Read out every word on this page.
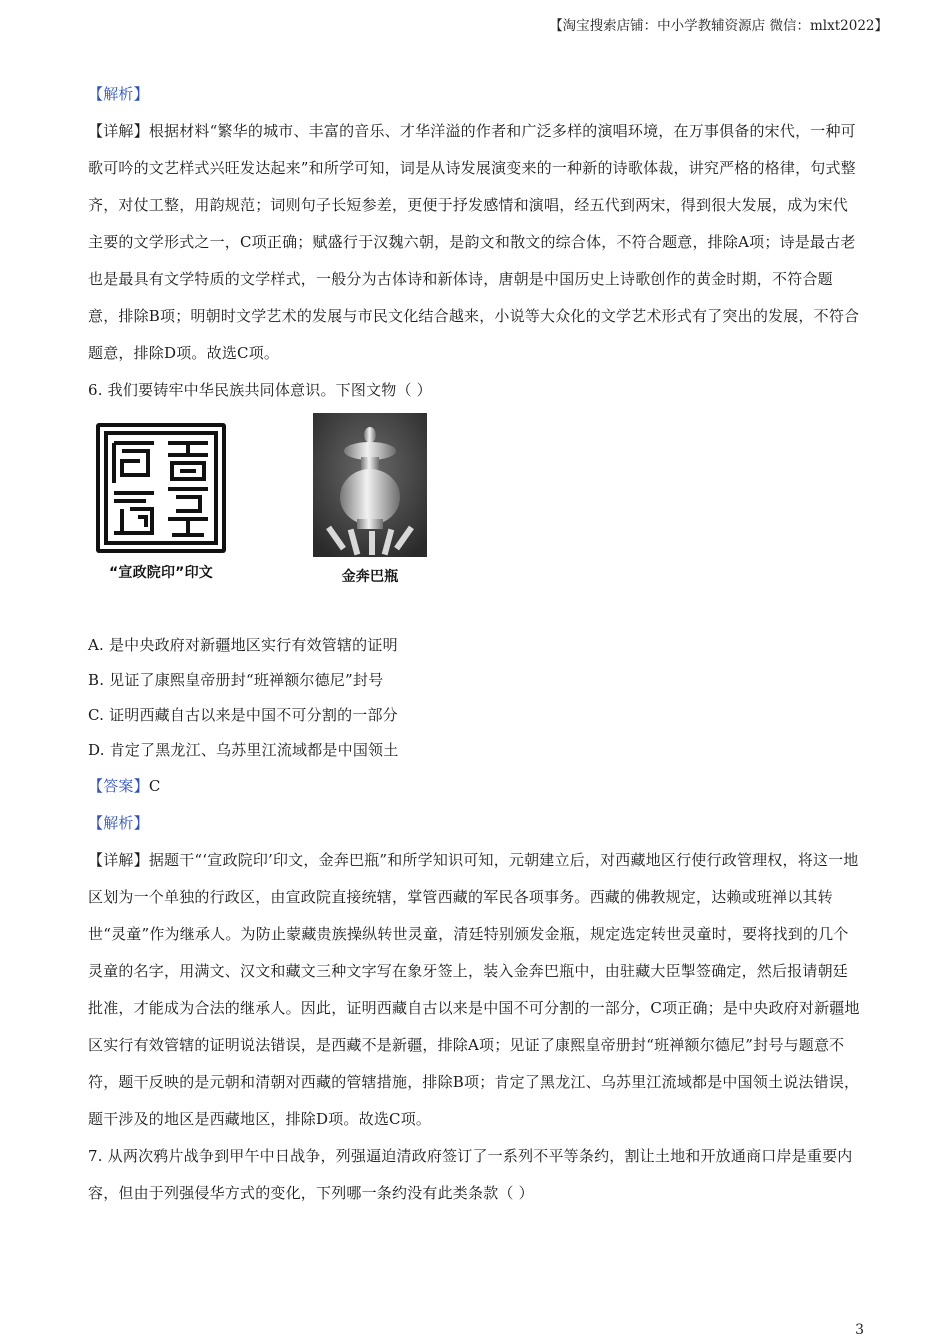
【淘宝搜索店铺：中小学教辅资源店 微信：mlxt2022】

【解析】

【详解】根据材料“繁华的城市、丰富的音乐、才华洋溢的作者和广泛多样的演唱环境，在万事俱备的宋代，一种可歌可吟的文艺样式兴旺发达起来”和所学可知，词是从诗发展演变来的一种新的诗歌体裁，讲究严格的格律，句式整齐，对仗工整，用韵规范；词则句子长短参差，更便于抒发感情和演唱，经五代到两宋，得到很大发展，成为宋代主要的文学形式之一，C项正确；赋盛行于汉魏六朝，是韵文和散文的综合体，不符合题意，排除A项；诗是最古老也是最具有文学特质的文学样式，一般分为古体诗和新体诗，唐朝是中国历史上诗歌创作的黄金时期，不符合题意，排除B项；明朝时文学艺术的发展与市民文化结合越来，小说等大众化的文学艺术形式有了突出的发展，不符合题意，排除D项。故选C项。

6. 我们要铸牢中华民族共同体意识。下图文物（ ）

“宣政院印”印文	金奔巴瓶

A. 是中央政府对新疆地区实行有效管辖的证明

B. 见证了康熙皇帝册封“班禅额尔德尼”封号

C. 证明西藏自古以来是中国不可分割的一部分

D. 肯定了黑龙江、乌苏里江流域都是中国领土

【答案】C

【解析】

【详解】据题干“‘宣政院印’印文，金奔巴瓶”和所学知识可知，元朝建立后，对西藏地区行使行政管理权，将这一地区划为一个单独的行政区，由宣政院直接统辖，掌管西藏的军民各项事务。西藏的佛教规定，达赖或班禅以其转世“灵童”作为继承人。为防止蒙藏贵族操纵转世灵童，清廷特别颁发金瓶，规定选定转世灵童时，要将找到的几个灵童的名字，用满文、汉文和藏文三种文字写在象牙签上，装入金奔巴瓶中，由驻藏大臣掣签确定，然后报请朝廷批准，才能成为合法的继承人。因此，证明西藏自古以来是中国不可分割的一部分，C项正确；是中央政府对新疆地区实行有效管辖的证明说法错误，是西藏不是新疆，排除A项；见证了康熙皇帝册封“班禅额尔德尼”封号与题意不符，题干反映的是元朝和清朝对西藏的管辖措施，排除B项；肯定了黑龙江、乌苏里江流域都是中国领土说法错误，题干涉及的地区是西藏地区，排除D项。故选C项。

7. 从两次鸦片战争到甲午中日战争，列强逼迫清政府签订了一系列不平等条约，割让土地和开放通商口岸是重要内容，但由于列强侵华方式的变化，下列哪一条约没有此类条款（ ）

3
